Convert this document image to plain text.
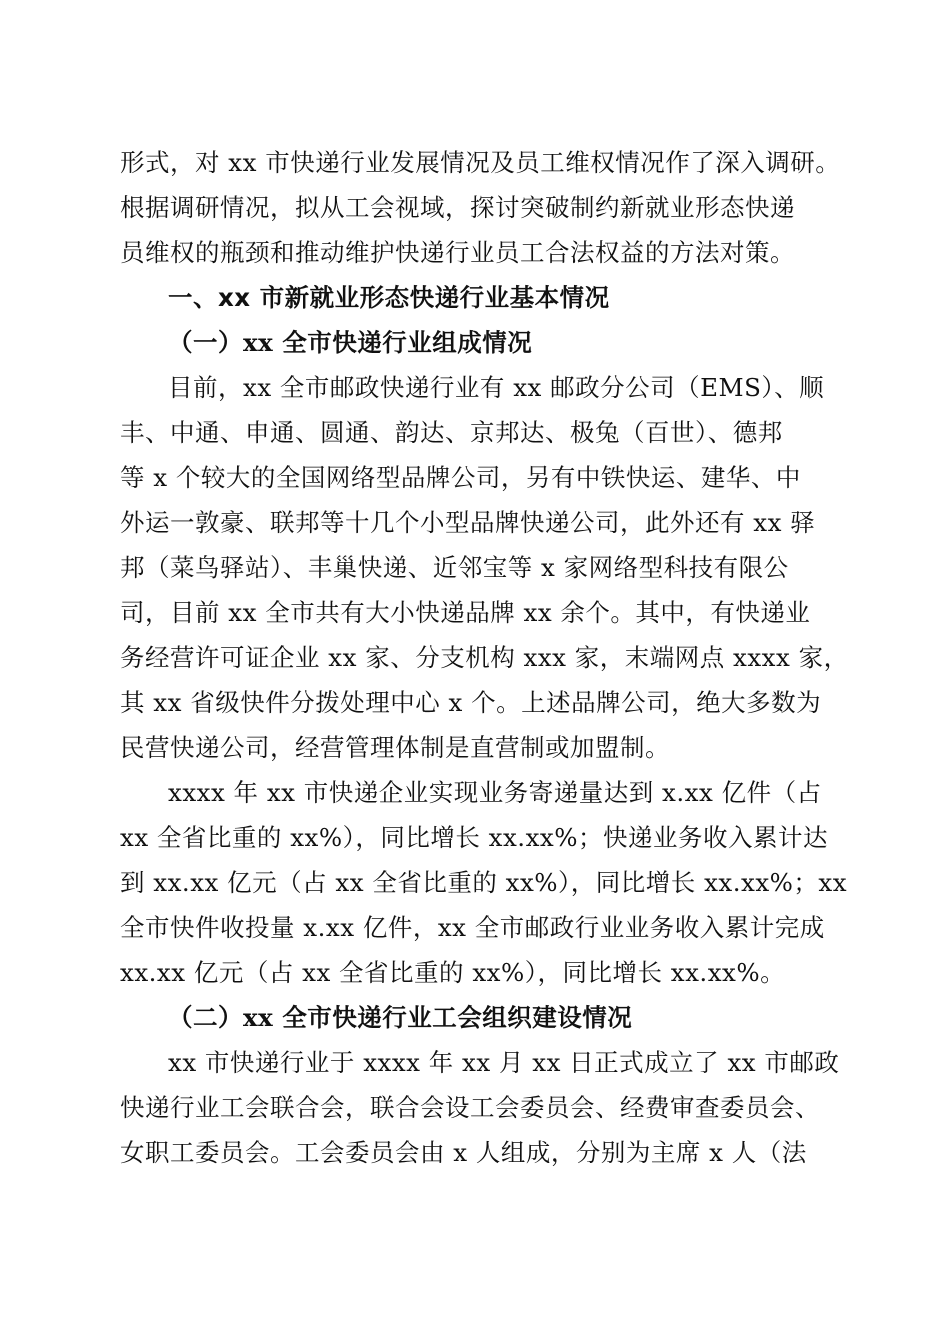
形式，对 xx 市快递行业发展情况及员工维权情况作了深入调研。
根据调研情况，拟从工会视域，探讨突破制约新就业形态快递
员维权的瓶颈和推动维护快递行业员工合法权益的方法对策。
一、xx 市新就业形态快递行业基本情况
（一）xx 全市快递行业组成情况
目前，xx 全市邮政快递行业有 xx 邮政分公司（EMS）、顺
丰、中通、申通、圆通、韵达、京邦达、极兔（百世）、德邦
等 x 个较大的全国网络型品牌公司，另有中铁快运、建华、中
外运一敦豪、联邦等十几个小型品牌快递公司，此外还有 xx 驿
邦（菜鸟驿站）、丰巢快递、近邻宝等 x 家网络型科技有限公
司，目前 xx 全市共有大小快递品牌 xx 余个。其中，有快递业
务经营许可证企业 xx 家、分支机构 xxx 家，末端网点 xxxx 家，
其 xx 省级快件分拨处理中心 x 个。上述品牌公司，绝大多数为
民营快递公司，经营管理体制是直营制或加盟制。
xxxx 年 xx 市快递企业实现业务寄递量达到 x.xx 亿件（占
xx 全省比重的 xx%），同比增长 xx.xx%；快递业务收入累计达
到 xx.xx 亿元（占 xx 全省比重的 xx%），同比增长 xx.xx%；xx
全市快件收投量 x.xx 亿件，xx 全市邮政行业业务收入累计完成
xx.xx 亿元（占 xx 全省比重的 xx%），同比增长 xx.xx%。
（二）xx 全市快递行业工会组织建设情况
xx 市快递行业于 xxxx 年 xx 月 xx 日正式成立了 xx 市邮政
快递行业工会联合会，联合会设工会委员会、经费审查委员会、
女职工委员会。工会委员会由 x 人组成，分别为主席 x 人（法
